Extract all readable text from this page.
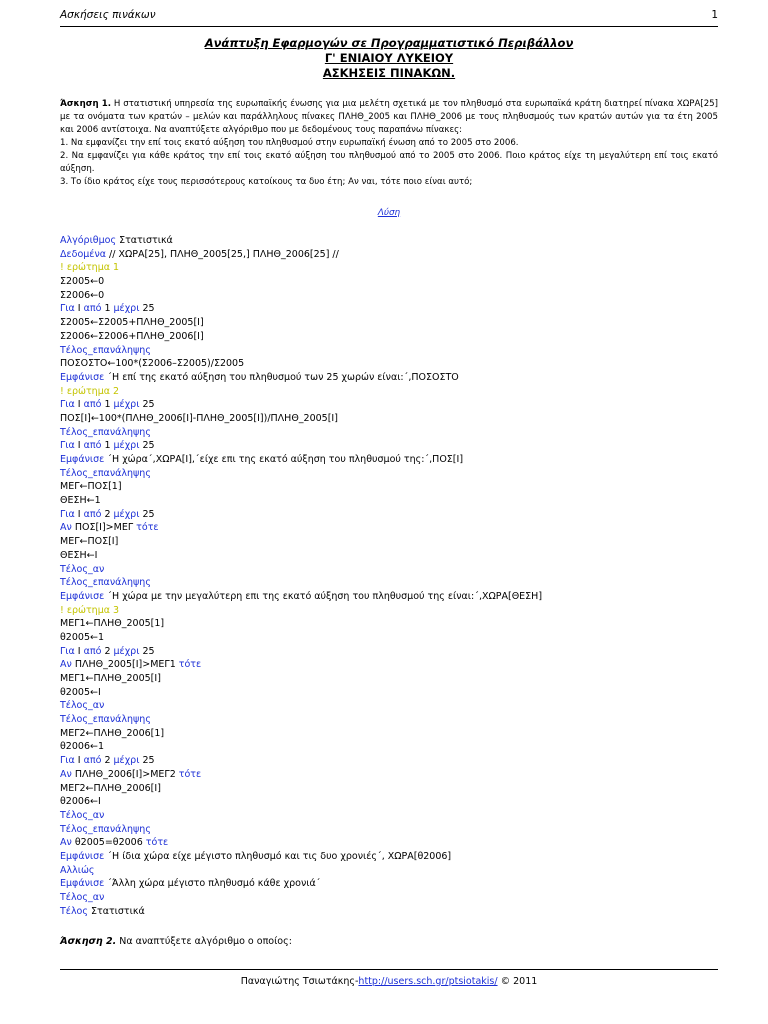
Ασκήσεις πινάκων	1
Ανάπτυξη Εφαρμογών σε Προγραμματιστικό Περιβάλλον
Γ' ΕΝΙΑΙΟΥ ΛΥΚΕΙΟΥ
ΑΣΚΗΣΕΙΣ ΠΙΝΑΚΩΝ.

Άσκηση 1. Η στατιστική υπηρεσία της ευρωπαϊκής ένωσης για μια μελέτη σχετικά με τον πληθυσμό στα ευρωπαϊκά κράτη διατηρεί πίνακα ΧΩΡΑ[25] με τα ονόματα των κρατών – μελών και παράλληλους πίνακες ΠΛΗΘ_2005 και ΠΛΗΘ_2006 με τους πληθυσμούς των κρατών αυτών για τα έτη 2005 και 2006 αντίστοιχα. Να αναπτύξετε αλγόριθμο που με δεδομένους τους παραπάνω πίνακες:

1. Να εμφανίζει την επί τοις εκατό αύξηση του πληθυσμού στην ευρωπαϊκή ένωση από το 2005 στο 2006.

2. Να εμφανίζει για κάθε κράτος την επί τοις εκατό αύξηση του πληθυσμού από το 2005 στο 2006. Ποιο κράτος είχε τη μεγαλύτερη επί τοις εκατό αύξηση.

3. Το ίδιο κράτος είχε τους περισσότερους κατοίκους τα δυο έτη; Αν ναι, τότε ποιο είναι αυτό;

Λύση
Αλγόριθμος Στατιστικά
Δεδομένα // ΧΩΡΑ[25], ΠΛΗΘ_2005[25,] ΠΛΗΘ_2006[25] //
! ερώτημα 1
Σ2005←0
Σ2006←0
Για Ι από 1 μέχρι 25
Σ2005←Σ2005+ΠΛΗΘ_2005[Ι]
Σ2006←Σ2006+ΠΛΗΘ_2006[Ι]
Τέλος_επανάληψης
ΠΟΣΟΣΤΟ←100*(Σ2006–Σ2005)/Σ2005
Εμφάνισε ΄Η επί της εκατό αύξηση του πληθυσμού των 25 χωρών είναι:΄,ΠΟΣΟΣΤΟ
! ερώτημα 2
Για Ι από 1 μέχρι 25
ΠΟΣ[Ι]←100*(ΠΛΗΘ_2006[Ι]-ΠΛΗΘ_2005[Ι])/ΠΛΗΘ_2005[Ι]
Τέλος_επανάληψης
Για Ι από 1 μέχρι 25
Εμφάνισε ΄Η χώρα΄,ΧΩΡΑ[Ι],΄είχε επι της εκατό αύξηση του πληθυσμού της:΄,ΠΟΣ[Ι]
Τέλος_επανάληψης
ΜΕΓ←ΠΟΣ[1]
ΘΕΣΗ←1
Για Ι από 2 μέχρι 25
Αν ΠΟΣ[Ι]>ΜΕΓ τότε
ΜΕΓ←ΠΟΣ[Ι]
ΘΕΣΗ←Ι
Τέλος_αν
Τέλος_επανάληψης
Εμφάνισε ΄Η χώρα με την μεγαλύτερη επι της εκατό αύξηση του πληθυσμού της είναι:΄,ΧΩΡΑ[ΘΕΣΗ]
! ερώτημα 3
ΜΕΓ1←ΠΛΗΘ_2005[1]
θ2005←1
Για Ι από 2 μέχρι 25
Αν ΠΛΗΘ_2005[Ι]>ΜΕΓ1 τότε
ΜΕΓ1←ΠΛΗΘ_2005[Ι]
θ2005←Ι
Τέλος_αν
Τέλος_επανάληψης
ΜΕΓ2←ΠΛΗΘ_2006[1]
θ2006←1
Για Ι από 2 μέχρι 25
Αν ΠΛΗΘ_2006[Ι]>ΜΕΓ2 τότε
ΜΕΓ2←ΠΛΗΘ_2006[Ι]
θ2006←Ι
Τέλος_αν
Τέλος_επανάληψης
Αν θ2005=θ2006 τότε
Εμφάνισε ΄Η ίδια χώρα είχε μέγιστο πληθυσμό και τις δυο χρονιές΄, ΧΩΡΑ[θ2006]
Αλλιώς
Εμφάνισε ΄Άλλη χώρα μέγιστο πληθυσμό κάθε χρονιά΄
Τέλος_αν
Τέλος Στατιστικά
Άσκηση 2. Να αναπτύξετε αλγόριθμο ο οποίος:
Παναγιώτης Τσιωτάκης-http://users.sch.gr/ptsiotakis/ © 2011
